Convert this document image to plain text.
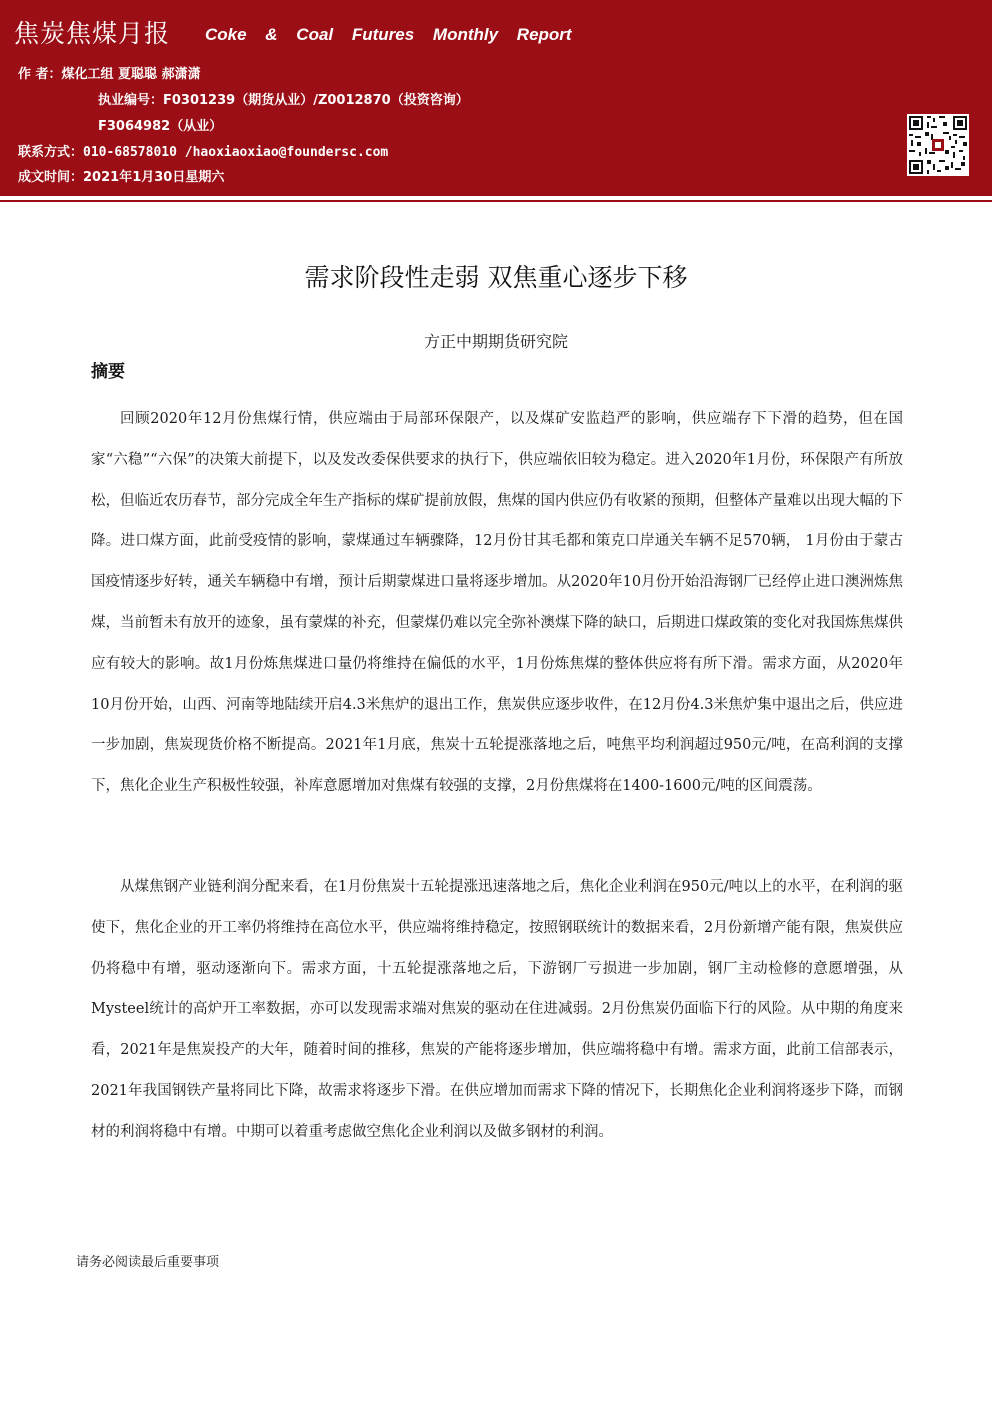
焦炭焦煤月报 Coke & Coal Futures Monthly Report
作 者：煤化工组 夏聪聪 郝潇潇
执业编号：F0301239（期货从业）/Z0012870（投资咨询）
F3064982（从业）
联系方式：010-68578010 /haoxiaoxiao@foundersc.com
成文时间：2021年1月30日星期六
需求阶段性走弱 双焦重心逐步下移
方正中期期货研究院
摘要

回顾2020年12月份焦煤行情，供应端由于局部环保限产，以及煤矿安监趋严的影响，供应端存下下滑的趋势，但在国家“六稳”“六保”的决策大前提下，以及发改委保供要求的执行下，供应端依旧较为稳定。进入2020年1月份，环保限产有所放松，但临近农历春节，部分完成全年生产指标的煤矿提前放假，焦煤的国内供应仍有收紧的预期，但整体产量难以出现大幅的下降。进口煤方面，此前受疫情的影响，蒙煤通过车辆骤降，12月份甘其毛都和策克口岸通关车辆不足570辆， 1月份由于蒙古国疫情逐步好转，通关车辆稳中有增，预计后期蒙煤进口量将逐步增加。从2020年10月份开始沿海钢厂已经停止进口澳洲炼焦煤，当前暂未有放开的迹象，虽有蒙煤的补充，但蒙煤仍难以完全弥补澳煤下降的缺口，后期进口煤政策的变化对我国炼焦煤供应有较大的影响。故1月份炼焦煤进口量仍将维持在偏低的水平，1月份炼焦煤的整体供应将有所下滑。需求方面，从2020年10月份开始，山西、河南等地陆续开启4.3米焦炉的退出工作，焦炭供应逐步收件，在12月份4.3米焦炉集中退出之后，供应进一步加剧，焦炭现货价格不断提高。2021年1月底，焦炭十五轮提涨落地之后，吨焦平均利润超过950元/吨，在高利润的支撑下，焦化企业生产积极性较强，补库意愿增加对焦煤有较强的支撑，2月份焦煤将在1400-1600元/吨的区间震荡。

从煤焦钢产业链利润分配来看，在1月份焦炭十五轮提涨迅速落地之后，焦化企业利润在950元/吨以上的水平，在利润的驱使下，焦化企业的开工率仍将维持在高位水平，供应端将维持稳定，按照钢联统计的数据来看，2月份新增产能有限，焦炭供应仍将稳中有增，驱动逐渐向下。需求方面，十五轮提涨落地之后，下游钢厂亏损进一步加剧，钢厂主动检修的意愿增强，从Mysteel统计的高炉开工率数据，亦可以发现需求端对焦炭的驱动在住进减弱。2月份焦炭仍面临下行的风险。从中期的角度来看，2021年是焦炭投产的大年，随着时间的推移，焦炭的产能将逐步增加，供应端将稳中有增。需求方面，此前工信部表示，2021年我国钢铁产量将同比下降，故需求将逐步下滑。在供应增加而需求下降的情况下，长期焦化企业利润将逐步下降，而钢材的利润将稳中有增。中期可以着重考虑做空焦化企业利润以及做多钢材的利润。

请务必阅读最后重要事项
